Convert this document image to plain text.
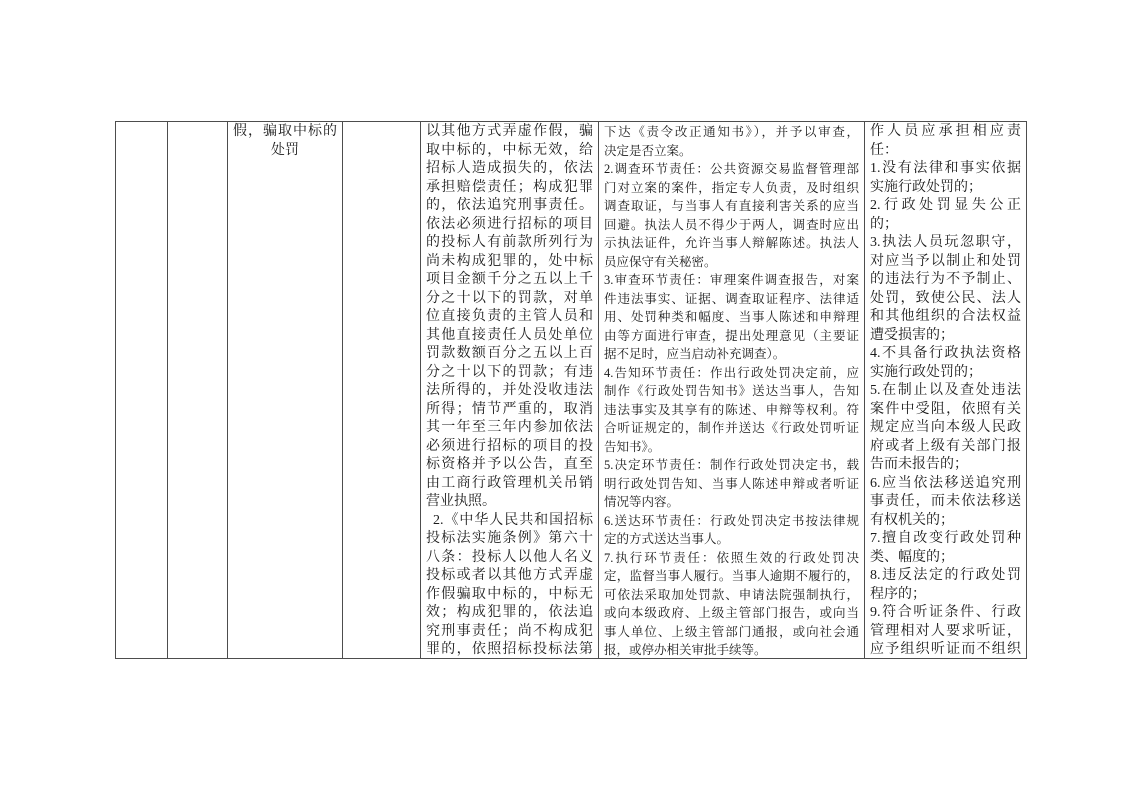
假，骗取中标的
处罚
以其他方式弄虚作假，骗
取中标的，中标无效，给
招标人造成损失的，依法
承担赔偿责任；构成犯罪
的，依法追究刑事责任。
依法必须进行招标的项目
的投标人有前款所列行为
尚未构成犯罪的，处中标
项目金额千分之五以上千
分之十以下的罚款，对单
位直接负责的主管人员和
其他直接责任人员处单位
罚款数额百分之五以上百
分之十以下的罚款；有违
法所得的，并处没收违法
所得；情节严重的，取消
其一年至三年内参加依法
必须进行招标的项目的投
标资格并予以公告，直至
由工商行政管理机关吊销
营业执照。
 2.《中华人民共和国招标
投标法实施条例》第六十
八条：投标人以他人名义
投标或者以其他方式弄虚
作假骗取中标的，中标无
效；构成犯罪的，依法追
究刑事责任；尚不构成犯
罪的，依照招标投标法第
下达《责令改正通知书》），并予以审查，
决定是否立案。
2.调查环节责任：公共资源交易监督管理部
门对立案的案件，指定专人负责，及时组织
调查取证，与当事人有直接利害关系的应当
回避。执法人员不得少于两人，调查时应出
示执法证件，允许当事人辩解陈述。执法人
员应保守有关秘密。
3.审查环节责任：审理案件调查报告，对案
件违法事实、证据、调查取证程序、法律适
用、处罚种类和幅度、当事人陈述和申辩理
由等方面进行审查，提出处理意见（主要证
据不足时，应当启动补充调查）。
4.告知环节责任：作出行政处罚决定前，应
制作《行政处罚告知书》送达当事人，告知
违法事实及其享有的陈述、申辩等权利。符
合听证规定的，制作并送达《行政处罚听证
告知书》。
5.决定环节责任：制作行政处罚决定书，载
明行政处罚告知、当事人陈述申辩或者听证
情况等内容。
6.送达环节责任：行政处罚决定书按法律规
定的方式送达当事人。
7.执行环节责任：依照生效的行政处罚决
定，监督当事人履行。当事人逾期不履行的，
可依法采取加处罚款、申请法院强制执行，
或向本级政府、上级主管部门报告，或向当
事人单位、上级主管部门通报，或向社会通
报，或停办相关审批手续等。
作人员应承担相应责
任：
1.没有法律和事实依据
实施行政处罚的；
2.行政处罚显失公正
的；
3.执法人员玩忽职守，
对应当予以制止和处罚
的违法行为不予制止、
处罚，致使公民、法人
和其他组织的合法权益
遭受损害的；
4.不具备行政执法资格
实施行政处罚的；
5.在制止以及查处违法
案件中受阻，依照有关
规定应当向本级人民政
府或者上级有关部门报
告而未报告的；
6.应当依法移送追究刑
事责任，而未依法移送
有权机关的；
7.擅自改变行政处罚种
类、幅度的；
8.违反法定的行政处罚
程序的；
9.符合听证条件、行政
管理相对人要求听证，
应予组织听证而不组织
